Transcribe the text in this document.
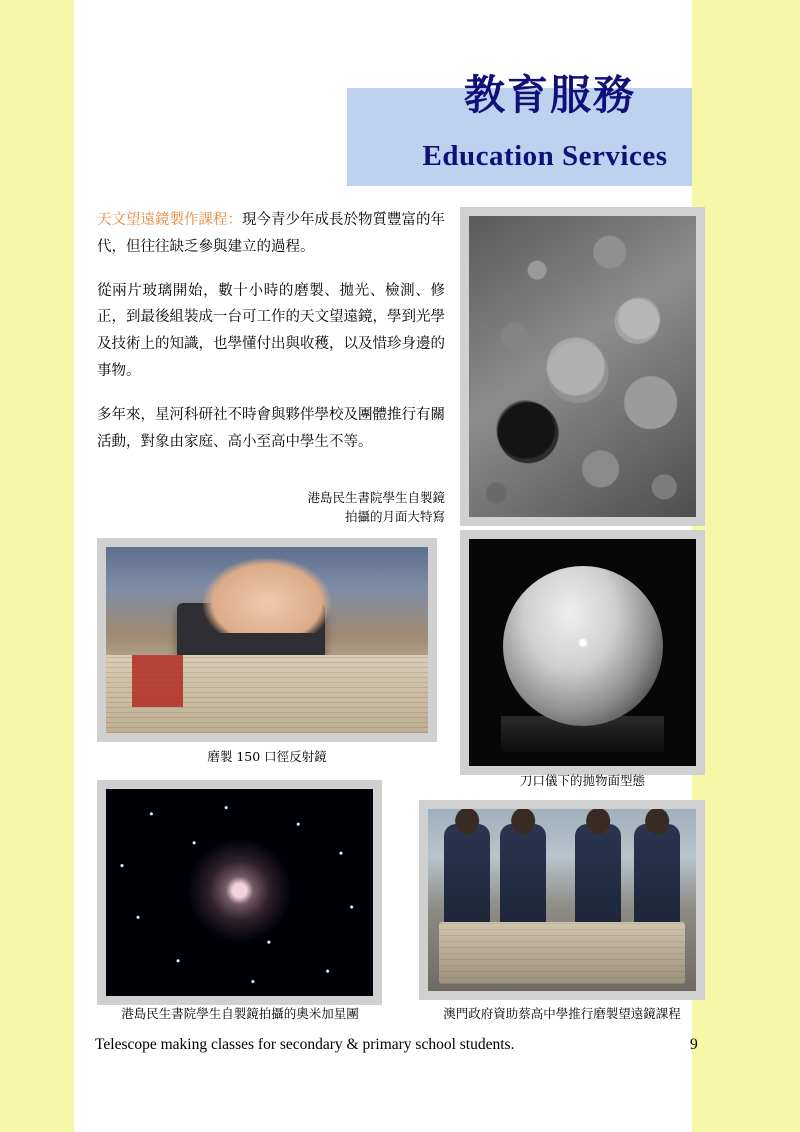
教育服務
Education Services

天文望遠鏡製作課程：現今青少年成長於物質豐富的年代，但往往缺乏參與建立的過程。

從兩片玻璃開始，數十小時的磨製、拋光、檢測、修正，到最後組裝成一台可工作的天文望遠鏡，學到光學及技術上的知識，也學懂付出與收穫，以及惜珍身邊的事物。

多年來，星河科研社不時會與夥伴學校及團體推行有關活動，對象由家庭、高小至高中學生不等。

港島民生書院學生自製鏡
拍攝的月面大特寫
磨製 150 口徑反射鏡
刀口儀下的拋物面型態
港島民生書院學生自製鏡拍攝的奧米加星團	澳門政府資助蔡高中學推行磨製望遠鏡課程
Telescope making classes for secondary & primary school students.	9
